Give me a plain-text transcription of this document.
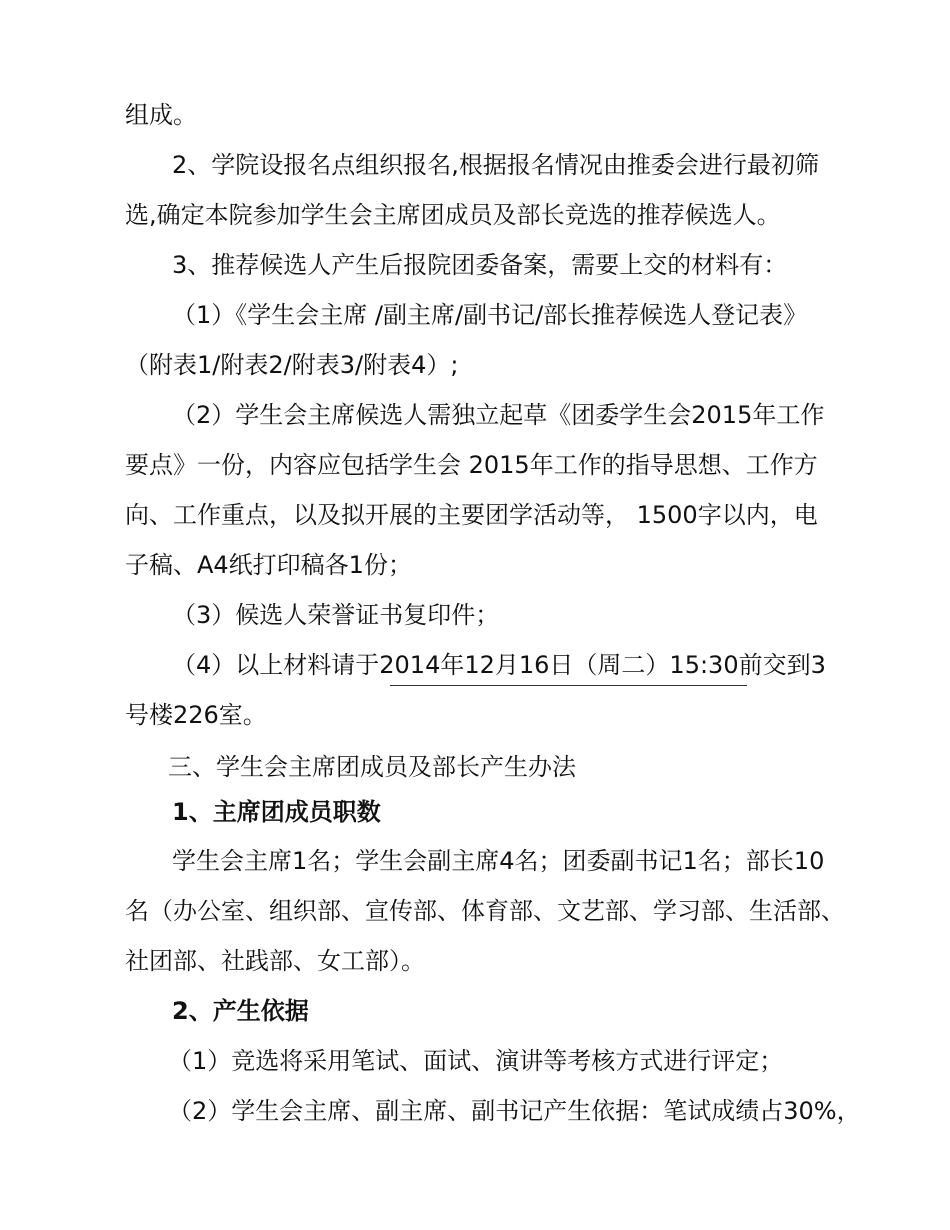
组成。
2、学院设报名点组织报名,根据报名情况由推委会进行最初筛
选,确定本院参加学生会主席团成员及部长竞选的推荐候选人。
3、推荐候选人产生后报院团委备案，需要上交的材料有：
（1）《学生会主席 /副主席/副书记/部长推荐候选人登记表》
（附表1/附表2/附表3/附表4）;
（2）学生会主席候选人需独立起草《团委学生会2015年工作
要点》一份，内容应包括学生会 2015年工作的指导思想、工作方
向、工作重点，以及拟开展的主要团学活动等， 1500字以内，电
子稿、A4纸打印稿各1份；
（3）候选人荣誉证书复印件；
（4）以上材料请于2014年12月16日（周二）15:30前交到3
号楼226室。
三、学生会主席团成员及部长产生办法
1、主席团成员职数
学生会主席1名；学生会副主席4名；团委副书记1名；部长10
名（办公室、组织部、宣传部、体育部、文艺部、学习部、生活部、
社团部、社践部、女工部）。
2、产生依据
（1）竞选将采用笔试、面试、演讲等考核方式进行评定；
（2）学生会主席、副主席、副书记产生依据：笔试成绩占30%，
